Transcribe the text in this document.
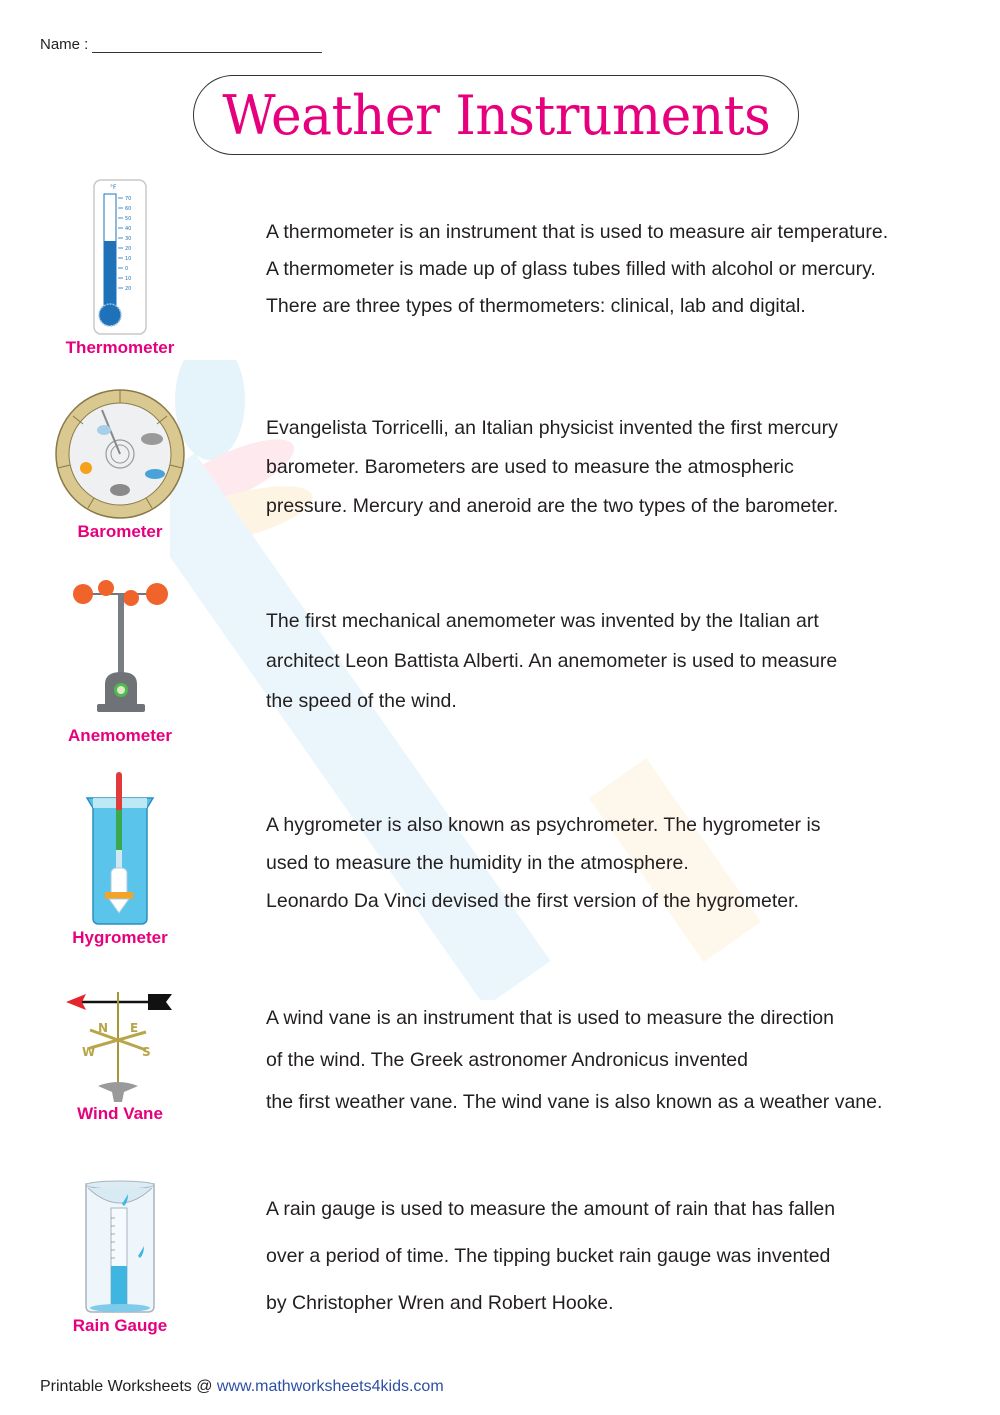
Name :
Weather Instruments
°F
70
60
50
40
30
20
10
0
10
20
Thermometer

A thermometer is an instrument that is used to measure air temperature.

A thermometer is made up of glass tubes filled with alcohol or mercury.

There are three types of thermometers: clinical, lab and digital.

Barometer

Evangelista Torricelli, an Italian physicist invented the first mercury

barometer. Barometers are used to measure the atmospheric

pressure. Mercury and aneroid are the two types of the barometer.

Anemometer

The first mechanical anemometer was invented by the Italian art

architect Leon Battista Alberti. An anemometer is used to measure

the speed of the wind.

Hygrometer

A hygrometer is also known as psychrometer. The hygrometer is

used to measure the humidity in the atmosphere.

Leonardo Da Vinci devised the first version of the hygrometer.

N E
S
W
Wind Vane

A wind vane is an instrument that is used to measure the direction

of the wind. The Greek astronomer Andronicus invented

the first weather vane. The wind vane is also known as a weather vane.

Rain Gauge

A rain gauge is used to measure the amount of rain that has fallen

over a period of time. The tipping bucket rain gauge was invented

by Christopher Wren and Robert Hooke.

Printable Worksheets @ www.mathworksheets4kids.com
